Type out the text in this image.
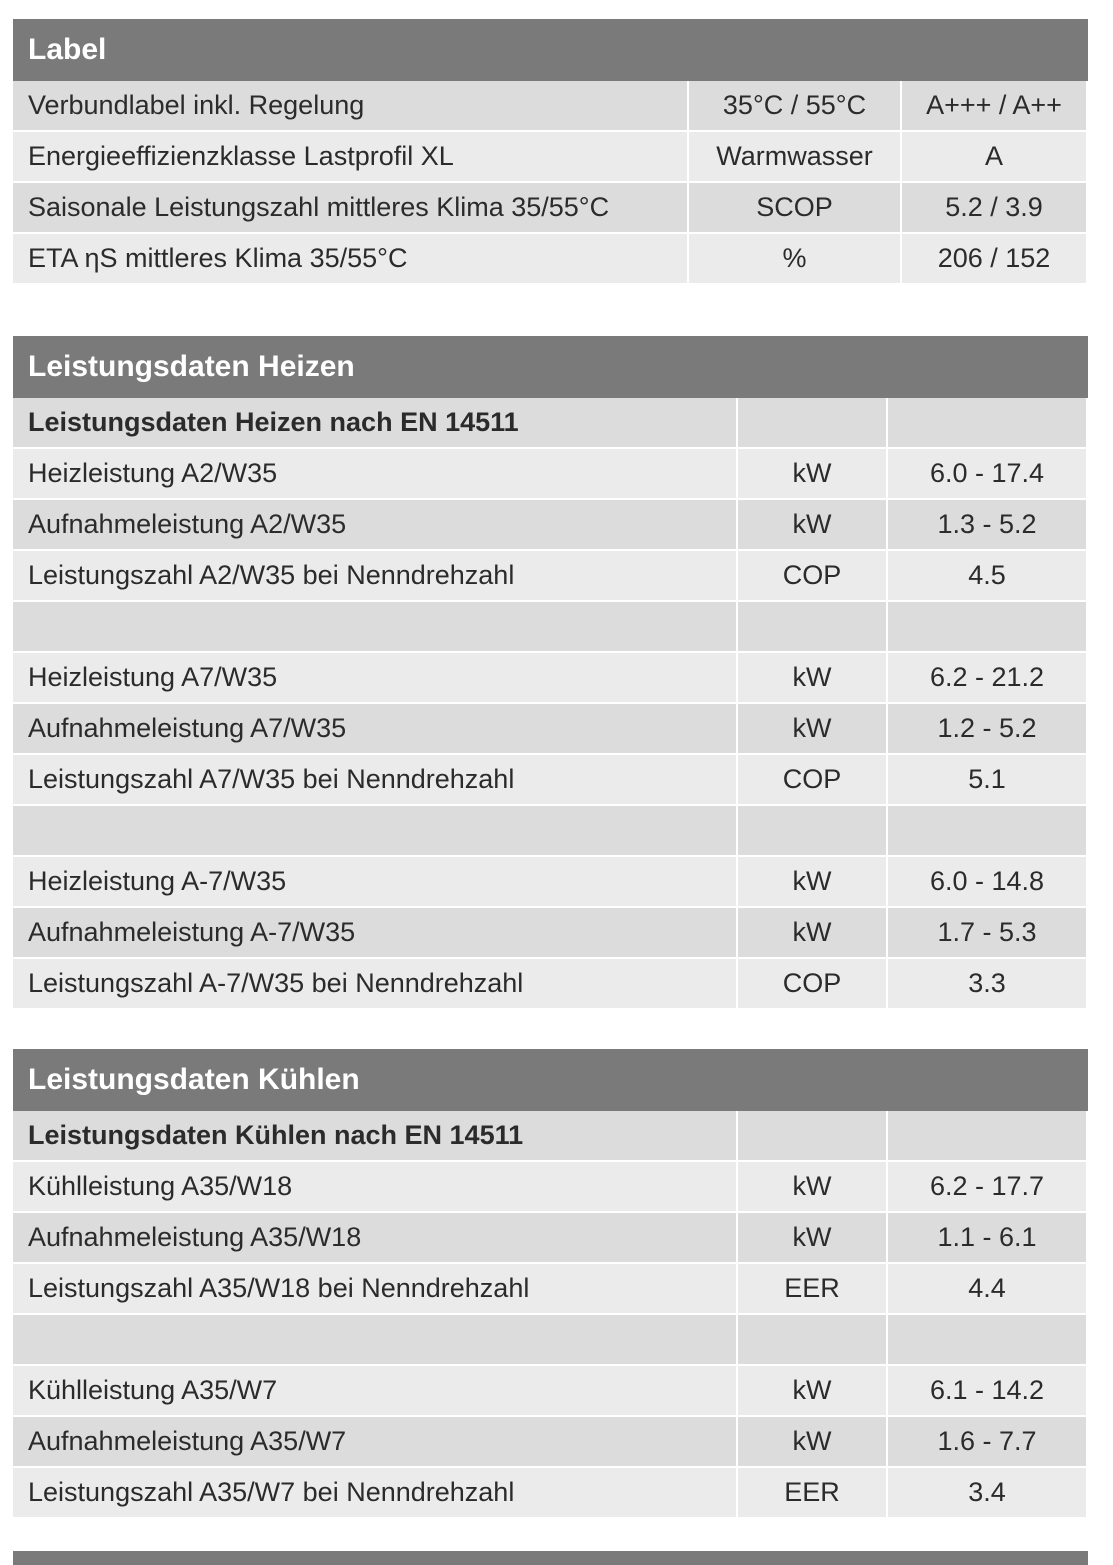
Label
Verbundlabel inkl. Regelung	35°C / 55°C	A+++ / A++
Energieeffizienzklasse Lastprofil XL	Warmwasser	A
Saisonale Leistungszahl mittleres Klima 35/55°C	SCOP	5.2 / 3.9
ETA ηS mittleres Klima 35/55°C	%	206 / 152
Leistungsdaten Heizen
Leistungsdaten Heizen nach EN 14511		
Heizleistung A2/W35	kW	6.0 - 17.4
Aufnahmeleistung A2/W35	kW	1.3 - 5.2
Leistungszahl A2/W35 bei Nenndrehzahl	COP	4.5

Heizleistung A7/W35	kW	6.2 - 21.2
Aufnahmeleistung A7/W35	kW	1.2 - 5.2
Leistungszahl A7/W35 bei Nenndrehzahl	COP	5.1

Heizleistung A-7/W35	kW	6.0 - 14.8
Aufnahmeleistung A-7/W35	kW	1.7 - 5.3
Leistungszahl A-7/W35 bei Nenndrehzahl	COP	3.3
Leistungsdaten Kühlen
Leistungsdaten Kühlen nach EN 14511		
Kühlleistung A35/W18	kW	6.2 - 17.7
Aufnahmeleistung A35/W18	kW	1.1 - 6.1
Leistungszahl A35/W18 bei Nenndrehzahl	EER	4.4

Kühlleistung A35/W7	kW	6.1 - 14.2
Aufnahmeleistung A35/W7	kW	1.6 - 7.7
Leistungszahl A35/W7 bei Nenndrehzahl	EER	3.4
